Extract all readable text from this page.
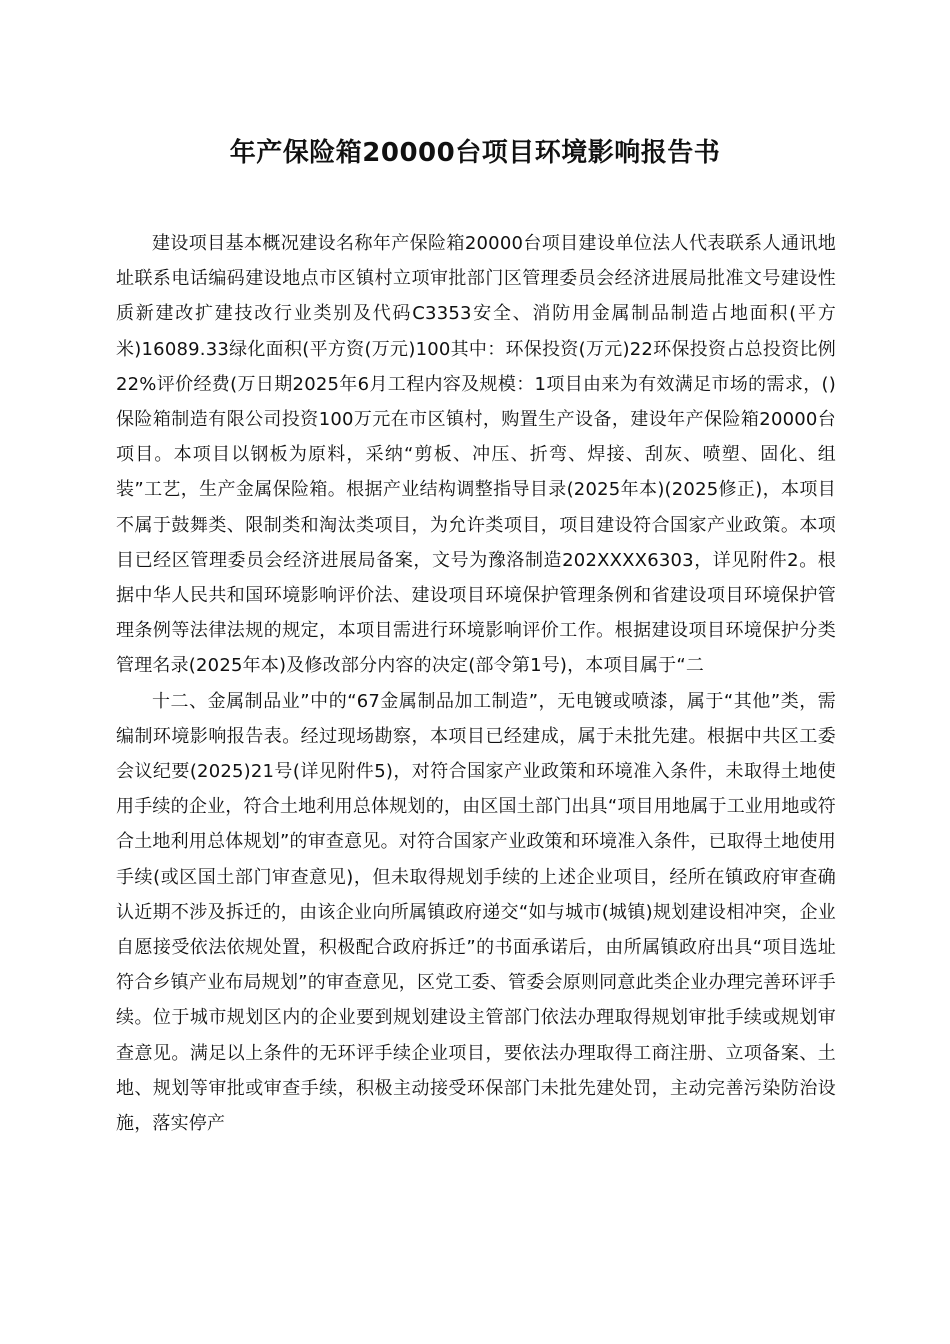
年产保险箱20000台项目环境影响报告书

建设项目基本概况建设名称年产保险箱20000台项目建设单位法人代表联系人通讯地址联系电话编码建设地点市区镇村立项审批部门区管理委员会经济进展局批准文号建设性质新建改扩建技改行业类别及代码C3353安全、消防用金属制品制造占地面积(平方米)16089.33绿化面积(平方资(万元)100其中：环保投资(万元)22环保投资占总投资比例22%评价经费(万日期2025年6月工程内容及规模：1项目由来为有效满足市场的需求，()保险箱制造有限公司投资100万元在市区镇村，购置生产设备，建设年产保险箱20000台项目。本项目以钢板为原料，采纳“剪板、冲压、折弯、焊接、刮灰、喷塑、固化、组装”工艺，生产金属保险箱。根据产业结构调整指导目录(2025年本)(2025修正)，本项目不属于鼓舞类、限制类和淘汰类项目，为允许类项目，项目建设符合国家产业政策。本项目已经区管理委员会经济进展局备案，文号为豫洛制造202XXXX6303，详见附件2。根据中华人民共和国环境影响评价法、建设项目环境保护管理条例和省建设项目环境保护管理条例等法律法规的规定，本项目需进行环境影响评价工作。根据建设项目环境保护分类管理名录(2025年本)及修改部分内容的决定(部令第1号)，本项目属于“二

十二、金属制品业”中的“67金属制品加工制造”，无电镀或喷漆，属于“其他”类，需编制环境影响报告表。经过现场勘察，本项目已经建成，属于未批先建。根据中共区工委会议纪要(2025)21号(详见附件5)，对符合国家产业政策和环境准入条件，未取得土地使用手续的企业，符合土地利用总体规划的，由区国土部门出具“项目用地属于工业用地或符合土地利用总体规划”的审查意见。对符合国家产业政策和环境准入条件，已取得土地使用手续(或区国土部门审查意见)，但未取得规划手续的上述企业项目，经所在镇政府审查确认近期不涉及拆迁的，由该企业向所属镇政府递交“如与城市(城镇)规划建设相冲突，企业自愿接受依法依规处置，积极配合政府拆迁”的书面承诺后，由所属镇政府出具“项目选址符合乡镇产业布局规划”的审查意见，区党工委、管委会原则同意此类企业办理完善环评手续。位于城市规划区内的企业要到规划建设主管部门依法办理取得规划审批手续或规划审查意见。满足以上条件的无环评手续企业项目，要依法办理取得工商注册、立项备案、土地、规划等审批或审查手续，积极主动接受环保部门未批先建处罚，主动完善污染防治设施，落实停产
